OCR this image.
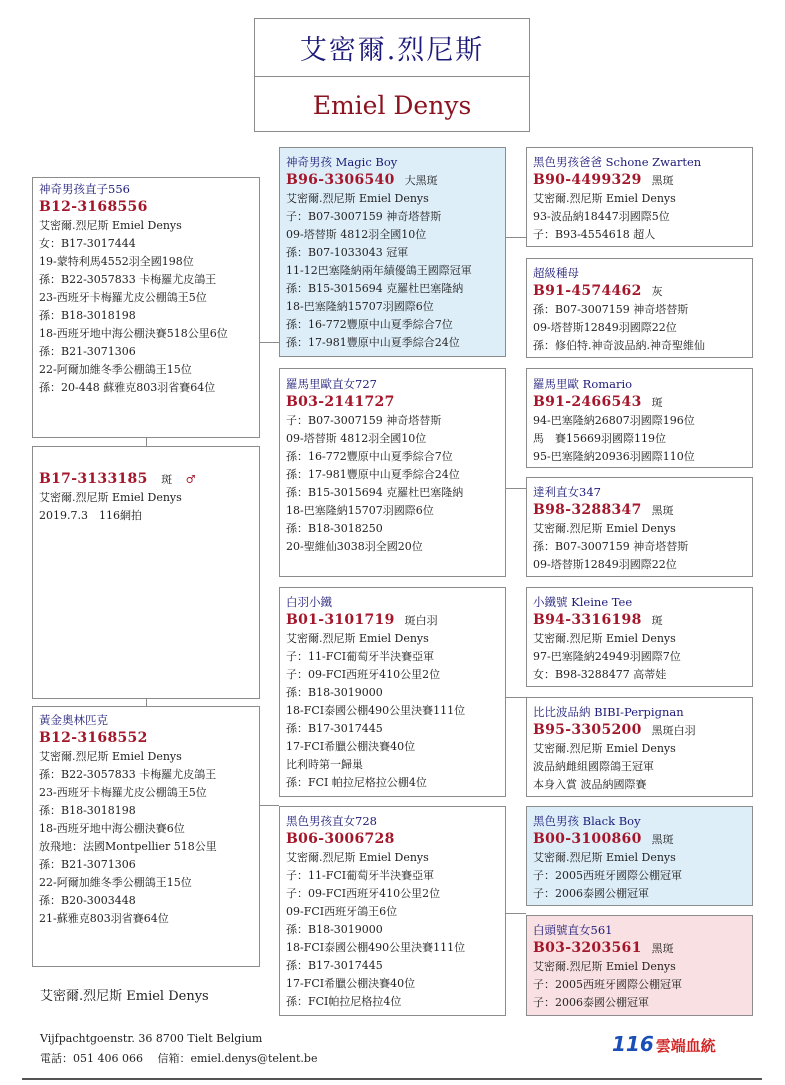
艾密爾.烈尼斯
Emiel Denys
神奇男孩直子556
B12-3168556
艾密爾.烈尼斯 Emiel Denys
女：B17-3017444
19-蒙特利馬4552羽全國198位
孫：B22-3057833 卡梅羅尤皮鴿王
23-西班牙卡梅羅尤皮公棚鴿王5位
孫：B18-3018198
18-西班牙地中海公棚決賽518公里6位
孫：B21-3071306
22-阿爾加維冬季公棚鴿王15位
孫：20-448 蘇雅克803羽省賽64位
B17-3133185 斑 ♂
艾密爾.烈尼斯 Emiel Denys
2019.7.3　116網拍
黃金奧林匹克
B12-3168552
艾密爾.烈尼斯 Emiel Denys
孫：B22-3057833 卡梅羅尤皮鴿王
23-西班牙卡梅羅尤皮公棚鴿王5位
孫：B18-3018198
18-西班牙地中海公棚決賽6位
放飛地：法國Montpellier 518公里
孫：B21-3071306
22-阿爾加維冬季公棚鴿王15位
孫：B20-3003448
21-蘇雅克803羽省賽64位
神奇男孩 Magic Boy
B96-3306540 大黑斑
艾密爾.烈尼斯 Emiel Denys
子：B07-3007159 神奇塔替斯
09-塔替斯 4812羽全國10位
孫：B07-1033043 冠軍
11-12巴塞隆納兩年績優鴿王國際冠軍
孫：B15-3015694 克羅杜巴塞隆納
18-巴塞隆納15707羽國際6位
孫：16-772豐原中山夏季綜合7位
孫：17-981豐原中山夏季綜合24位
羅馬里歐直女727
B03-2141727
子：B07-3007159 神奇塔替斯
09-塔替斯 4812羽全國10位
孫：16-772豐原中山夏季綜合7位
孫：17-981豐原中山夏季綜合24位
孫：B15-3015694 克羅杜巴塞隆納
18-巴塞隆納15707羽國際6位
孫：B18-3018250
20-聖維仙3038羽全國20位
白羽小鐵
B01-3101719 斑白羽
艾密爾.烈尼斯 Emiel Denys
子：11-FCI葡萄牙半決賽亞軍
子：09-FCI西班牙410公里2位
孫：B18-3019000
18-FCI泰國公棚490公里決賽111位
孫：B17-3017445
17-FCI希臘公棚決賽40位
比利時第一歸巢
孫：FCI 帕拉尼格拉公棚4位
黑色男孩直女728
B06-3006728
艾密爾.烈尼斯 Emiel Denys
子：11-FCI葡萄牙半決賽亞軍
子：09-FCI西班牙410公里2位
09-FCI西班牙鴿王6位
孫：B18-3019000
18-FCI泰國公棚490公里決賽111位
孫：B17-3017445
17-FCI希臘公棚決賽40位
孫：FCI帕拉尼格拉4位
黑色男孩爸爸 Schone Zwarten
B90-4499329 黑斑
艾密爾.烈尼斯 Emiel Denys
93-波品納18447羽國際5位
子：B93-4554618 超人
超級種母
B91-4574462 灰
孫：B07-3007159 神奇塔替斯
09-塔替斯12849羽國際22位
孫：修伯特.神奇波品納.神奇聖維仙
羅馬里歐 Romario
B91-2466543 斑
94-巴塞隆納26807羽國際196位
馬　賽15669羽國際119位
95-巴塞隆納20936羽國際110位
達利直女347
B98-3288347 黑斑
艾密爾.烈尼斯 Emiel Denys
孫：B07-3007159 神奇塔替斯
09-塔替斯12849羽國際22位
小鐵號 Kleine Tee
B94-3316198 斑
艾密爾.烈尼斯 Emiel Denys
97-巴塞隆納24949羽國際7位
女：B98-3288477 高蒂娃
比比波品納 BIBI-Perpignan
B95-3305200 黑斑白羽
艾密爾.烈尼斯 Emiel Denys
波品納雌組國際鴿王冠軍
本身入賞 波品納國際賽
黑色男孩 Black Boy
B00-3100860 黑斑
艾密爾.烈尼斯 Emiel Denys
子：2005西班牙國際公棚冠軍
子：2006泰國公棚冠軍
白頭號直女561
B03-3203561 黑斑
艾密爾.烈尼斯 Emiel Denys
子：2005西班牙國際公棚冠軍
子：2006泰國公棚冠軍
艾密爾.烈尼斯 Emiel Denys
Vijfpachtgoenstr. 36 8700 Tielt Belgium
電話：051 406 066　 信箱：emiel.denys@telent.be
116 雲端血統
